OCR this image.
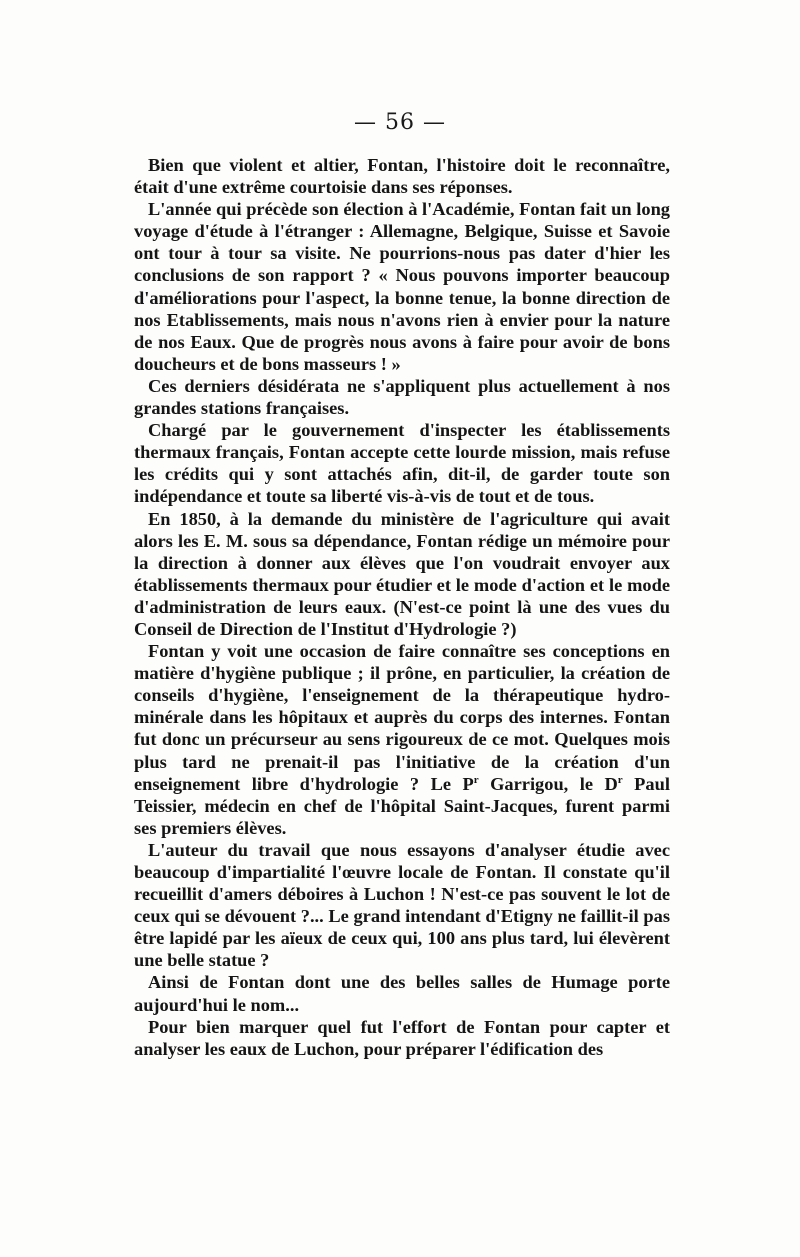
— 56 —

Bien que violent et altier, Fontan, l'histoire doit le reconnaître, était d'une extrême courtoisie dans ses réponses.

L'année qui précède son élection à l'Académie, Fontan fait un long voyage d'étude à l'étranger : Allemagne, Belgique, Suisse et Savoie ont tour à tour sa visite. Ne pourrions-nous pas dater d'hier les conclusions de son rapport ? « Nous pouvons importer beaucoup d'améliorations pour l'aspect, la bonne tenue, la bonne direction de nos Etablissements, mais nous n'avons rien à envier pour la nature de nos Eaux. Que de progrès nous avons à faire pour avoir de bons doucheurs et de bons masseurs ! »

Ces derniers désidérata ne s'appliquent plus actuellement à nos grandes stations françaises.

Chargé par le gouvernement d'inspecter les établissements thermaux français, Fontan accepte cette lourde mission, mais refuse les crédits qui y sont attachés afin, dit-il, de garder toute son indépendance et toute sa liberté vis-à-vis de tout et de tous.

En 1850, à la demande du ministère de l'agriculture qui avait alors les E. M. sous sa dépendance, Fontan rédige un mémoire pour la direction à donner aux élèves que l'on voudrait envoyer aux établissements thermaux pour étudier et le mode d'action et le mode d'administration de leurs eaux. (N'est-ce point là une des vues du Conseil de Direction de l'Institut d'Hydrologie ?)

Fontan y voit une occasion de faire connaître ses conceptions en matière d'hygiène publique ; il prône, en particulier, la création de conseils d'hygiène, l'enseignement de la thérapeutique hydro-minérale dans les hôpitaux et auprès du corps des internes. Fontan fut donc un précurseur au sens rigoureux de ce mot. Quelques mois plus tard ne prenait-il pas l'initiative de la création d'un enseignement libre d'hydrologie ? Le $P^r$ Garrigou, le $D^r$ Paul Teissier, médecin en chef de l'hôpital Saint-Jacques, furent parmi ses premiers élèves.

L'auteur du travail que nous essayons d'analyser étudie avec beaucoup d'impartialité l'œuvre locale de Fontan. Il constate qu'il recueillit d'amers déboires à Luchon ! N'est-ce pas souvent le lot de ceux qui se dévouent ?... Le grand intendant d'Etigny ne faillit-il pas être lapidé par les aïeux de ceux qui, 100 ans plus tard, lui élevèrent une belle statue ?

Ainsi de Fontan dont une des belles salles de Humage porte aujourd'hui le nom...

Pour bien marquer quel fut l'effort de Fontan pour capter et analyser les eaux de Luchon, pour préparer l'édification des
